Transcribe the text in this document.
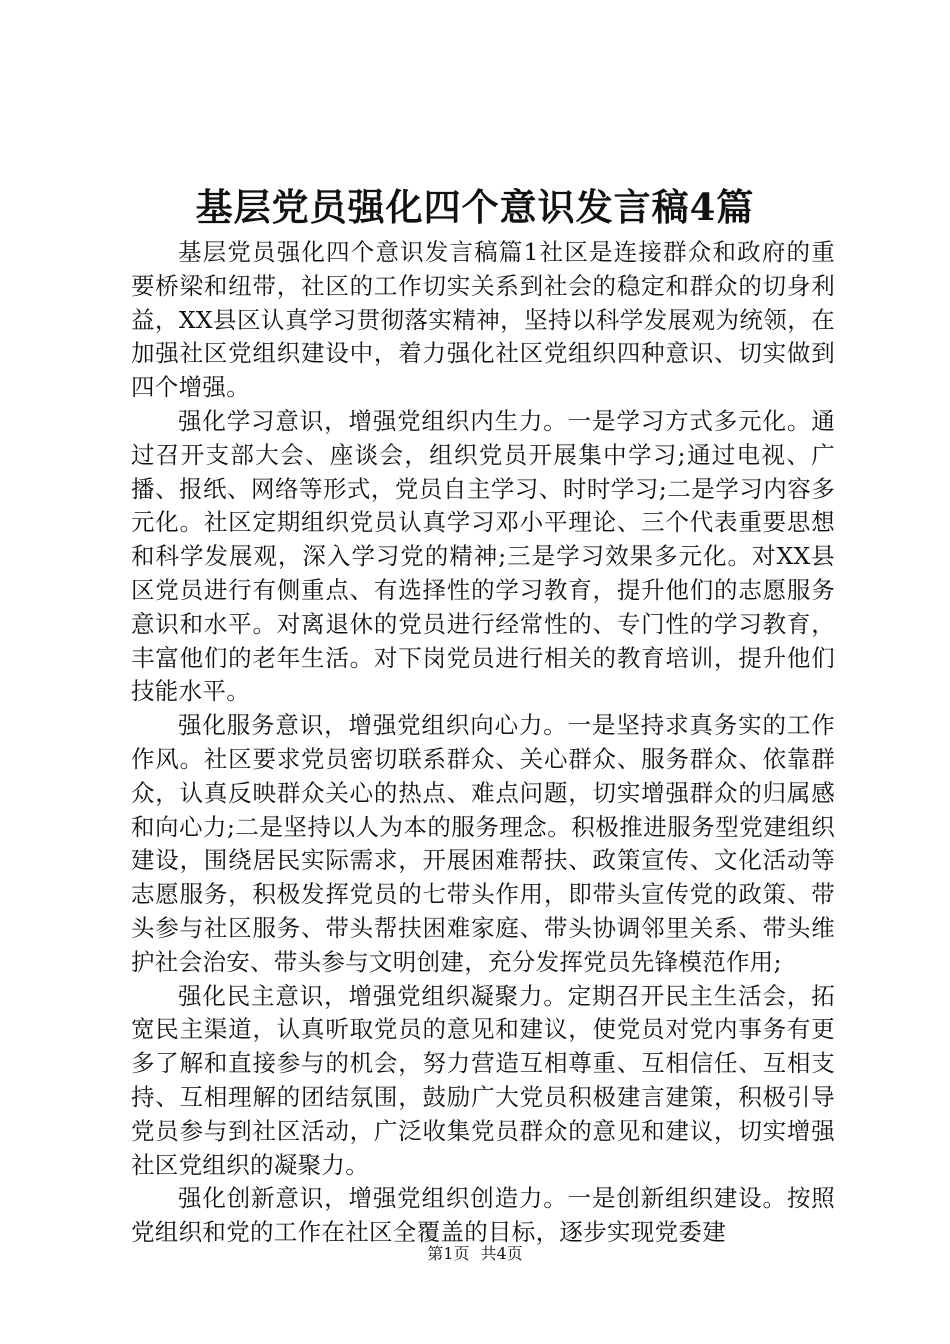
基层党员强化四个意识发言稿4篇

基层党员强化四个意识发言稿篇1社区是连接群众和政府的重要桥梁和纽带，社区的工作切实关系到社会的稳定和群众的切身利益，XX县区认真学习贯彻落实精神，坚持以科学发展观为统领，在加强社区党组织建设中，着力强化社区党组织四种意识、切实做到四个增强。

强化学习意识，增强党组织内生力。一是学习方式多元化。通过召开支部大会、座谈会，组织党员开展集中学习;通过电视、广播、报纸、网络等形式，党员自主学习、时时学习;二是学习内容多元化。社区定期组织党员认真学习邓小平理论、三个代表重要思想和科学发展观，深入学习党的精神;三是学习效果多元化。对XX县区党员进行有侧重点、有选择性的学习教育，提升他们的志愿服务意识和水平。对离退休的党员进行经常性的、专门性的学习教育，丰富他们的老年生活。对下岗党员进行相关的教育培训，提升他们技能水平。

强化服务意识，增强党组织向心力。一是坚持求真务实的工作作风。社区要求党员密切联系群众、关心群众、服务群众、依靠群众，认真反映群众关心的热点、难点问题，切实增强群众的归属感和向心力;二是坚持以人为本的服务理念。积极推进服务型党建组织建设，围绕居民实际需求，开展困难帮扶、政策宣传、文化活动等志愿服务，积极发挥党员的七带头作用，即带头宣传党的政策、带头参与社区服务、带头帮扶困难家庭、带头协调邻里关系、带头维护社会治安、带头参与文明创建，充分发挥党员先锋模范作用;

强化民主意识，增强党组织凝聚力。定期召开民主生活会，拓宽民主渠道，认真听取党员的意见和建议，使党员对党内事务有更多了解和直接参与的机会，努力营造互相尊重、互相信任、互相支持、互相理解的团结氛围，鼓励广大党员积极建言建策，积极引导党员参与到社区活动，广泛收集党员群众的意见和建议，切实增强社区党组织的凝聚力。

强化创新意识，增强党组织创造力。一是创新组织建设。按照党组织和党的工作在社区全覆盖的目标，逐步实现党委建

第1页 共4页
